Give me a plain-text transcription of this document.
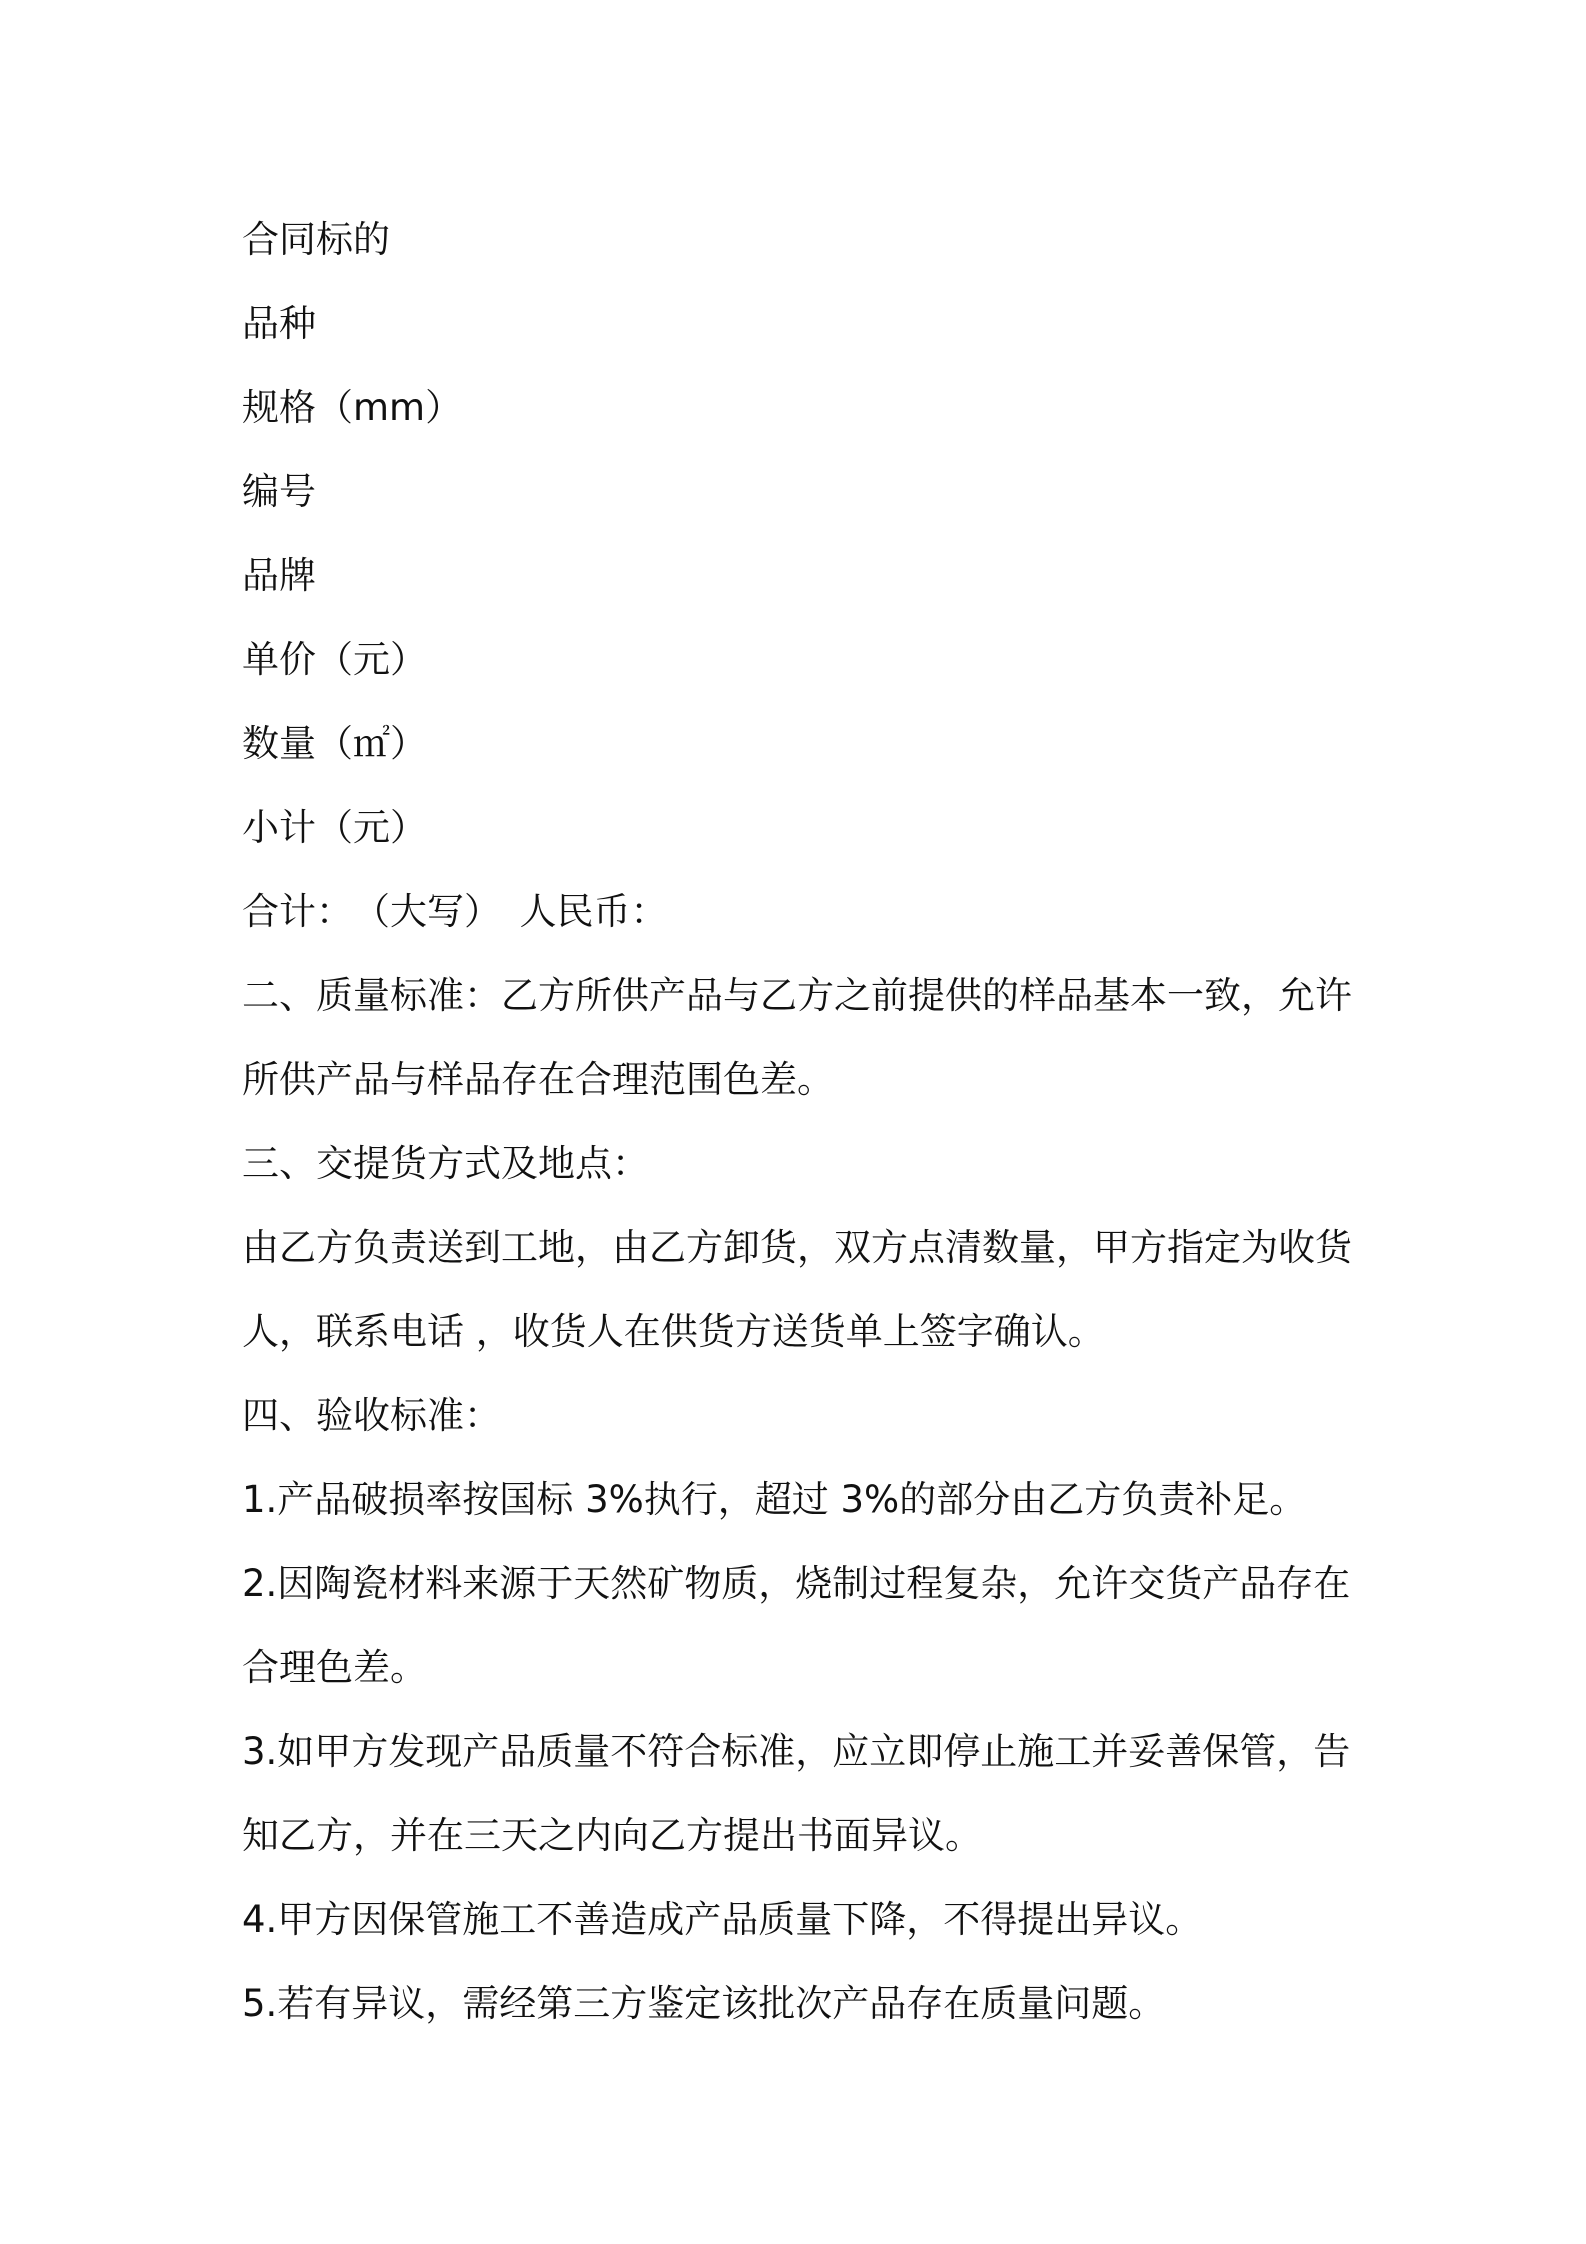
合同标的
品种
规格（mm）
编号
品牌
单价（元）
数量（㎡）
小计（元）
合计：　（大写）　人民币：
二、质量标准：乙方所供产品与乙方之前提供的样品基本一致，允许
所供产品与样品存在合理范围色差。
三、交提货方式及地点：
由乙方负责送到工地，由乙方卸货，双方点清数量，甲方指定为收货
人，联系电话 ，收货人在供货方送货单上签字确认。
四、验收标准：
1.产品破损率按国标 3%执行，超过 3%的部分由乙方负责补足。
2.因陶瓷材料来源于天然矿物质，烧制过程复杂，允许交货产品存在
合理色差。
3.如甲方发现产品质量不符合标准，应立即停止施工并妥善保管，告
知乙方，并在三天之内向乙方提出书面异议。
4.甲方因保管施工不善造成产品质量下降，不得提出异议。
5.若有异议，需经第三方鉴定该批次产品存在质量问题。
